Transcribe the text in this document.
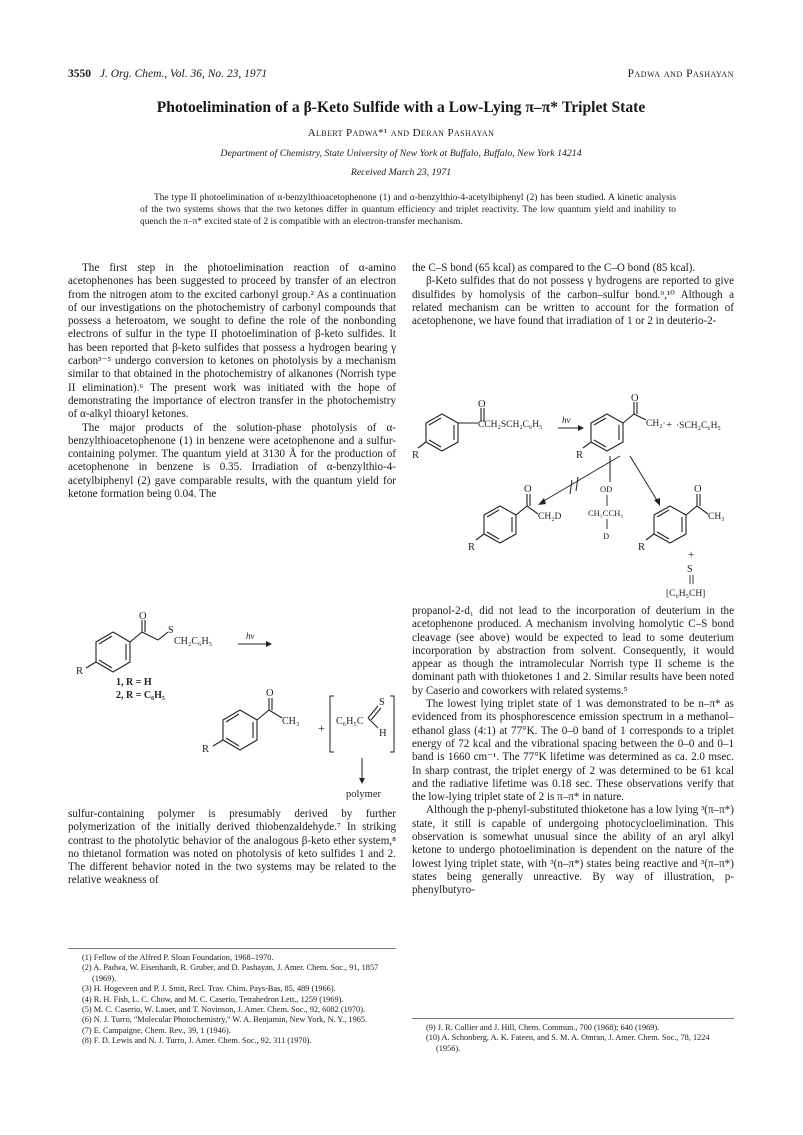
3550 J. Org. Chem., Vol. 36, No. 23, 1971	Padwa and Pashayan
Photoelimination of a β-Keto Sulfide with a Low-Lying π–π* Triplet State
Albert Padwa*¹ and Deran Pashayan
Department of Chemistry, State University of New York at Buffalo, Buffalo, New York 14214
Received March 23, 1971
The type II photoelimination of α-benzylthioacetophenone (1) and α-benzylthio-4-acetylbiphenyl (2) has been studied. A kinetic analysis of the two systems shows that the two ketones differ in quantum efficiency and triplet reactivity. The low quantum yield and inability to quench the π–π* excited state of 2 is compatible with an electron-transfer mechanism.

The first step in the photoelimination reaction of α-amino acetophenones has been suggested to proceed by transfer of an electron from the nitrogen atom to the excited carbonyl group.² As a continuation of our investigations on the photochemistry of carbonyl compounds that possess a heteroatom, we sought to define the role of the nonbonding electrons of sulfur in the type II photoelimination of β-keto sulfides. It has been reported that β-keto sulfides that possess a hydrogen bearing γ carbon³⁻⁵ undergo conversion to ketones on photolysis by a mechanism similar to that obtained in the photochemistry of alkanones (Norrish type II elimination).⁶ The present work was initiated with the hope of demonstrating the importance of electron transfer in the photochemistry of α-alkyl thioaryl ketones.

The major products of the solution-phase photolysis of α-benzylthioacetophenone (1) in benzene were acetophenone and a sulfur-containing polymer. The quantum yield at 3130 Å for the production of acetophenone in benzene is 0.35. Irradiation of α-benzylthio-4-acetylbiphenyl (2) gave comparable results, with the quantum yield for ketone formation being 0.04. The

O
S
CH₂C₆H₅	hν
R
1, R = H
2, R = C₆H₅	O
CH₃
R
+
S
C₆H₅C
H
polymer

sulfur-containing polymer is presumably derived by further polymerization of the initially derived thiobenzaldehyde.⁷ In striking contrast to the photolytic behavior of the analogous β-keto ether system,⁸ no thietanol formation was noted on photolysis of keto sulfides 1 and 2. The different behavior noted in the two systems may be related to the relative weakness of

(1) Fellow of the Alfred P. Sloan Foundation, 1968–1970.

(2) A. Padwa, W. Eisenhardt, R. Gruber, and D. Pashayan, J. Amer. Chem. Soc., 91, 1857 (1969).

(3) H. Hogeveen and P. J. Smit, Recl. Trav. Chim. Pays-Bas, 85, 489 (1966).

(4) R. H. Fish, L. C. Chow, and M. C. Caserio, Tetrahedron Lett., 1259 (1969).

(5) M. C. Caserio, W. Lauer, and T. Novinson, J. Amer. Chem. Soc., 92, 6082 (1970).

(6) N. J. Turro, "Molecular Photochemistry," W. A. Benjamin, New York, N. Y., 1965.

(7) E. Campaigne, Chem. Rev., 39, 1 (1946).

(8) F. D. Lewis and N. J. Turro, J. Amer. Chem. Soc., 92, 311 (1970).

the C–S bond (65 kcal) as compared to the C–O bond (85 kcal).

β-Keto sulfides that do not possess γ hydrogens are reported to give disulfides by homolysis of the carbon–sulfur bond.⁹,¹⁰ Although a related mechanism can be written to account for the formation of acetophenone, we have found that irradiation of 1 or 2 in deuterio-2-

O
CCH₂SCH₂C₆H₅
R
hν
O
CH₂·
R
+ ·SCH₂C₆H₅
O
CH₂D
R
OD
CH₃CCH₃
D
O
CH₃
R
+
S
[C₆H₅CH]

propanol-2-d₁ did not lead to the incorporation of deuterium in the acetophenone produced. A mechanism involving homolytic C–S bond cleavage (see above) would be expected to lead to some deuterium incorporation by abstraction from solvent. Consequently, it would appear as though the intramolecular Norrish type II scheme is the dominant path with thioketones 1 and 2. Similar results have been noted by Caserio and coworkers with related systems.⁵

The lowest lying triplet state of 1 was demonstrated to be n–π* as evidenced from its phosphorescence emission spectrum in a methanol–ethanol glass (4:1) at 77°K. The 0–0 band of 1 corresponds to a triplet energy of 72 kcal and the vibrational spacing between the 0–0 and 0–1 band is 1660 cm⁻¹. The 77°K lifetime was determined as ca. 2.0 msec. In sharp contrast, the triplet energy of 2 was determined to be 61 kcal and the radiative lifetime was 0.18 sec. These observations verify that the low-lying triplet state of 2 is π–π* in nature.

Although the p-phenyl-substituted thioketone has a low lying ³(π–π*) state, it still is capable of undergoing photocycloelimination. This observation is somewhat unusual since the ability of an aryl alkyl ketone to undergo photoelimination is dependent on the nature of the lowest lying triplet state, with ³(n–π*) states being reactive and ³(π–π*) states being generally unreactive. By way of illustration, p-phenylbutyro-

(9) J. R. Collier and J. Hill, Chem. Commun., 700 (1968); 640 (1969).

(10) A. Schonberg, A. K. Fateen, and S. M. A. Omran, J. Amer. Chem. Soc., 78, 1224 (1956).
